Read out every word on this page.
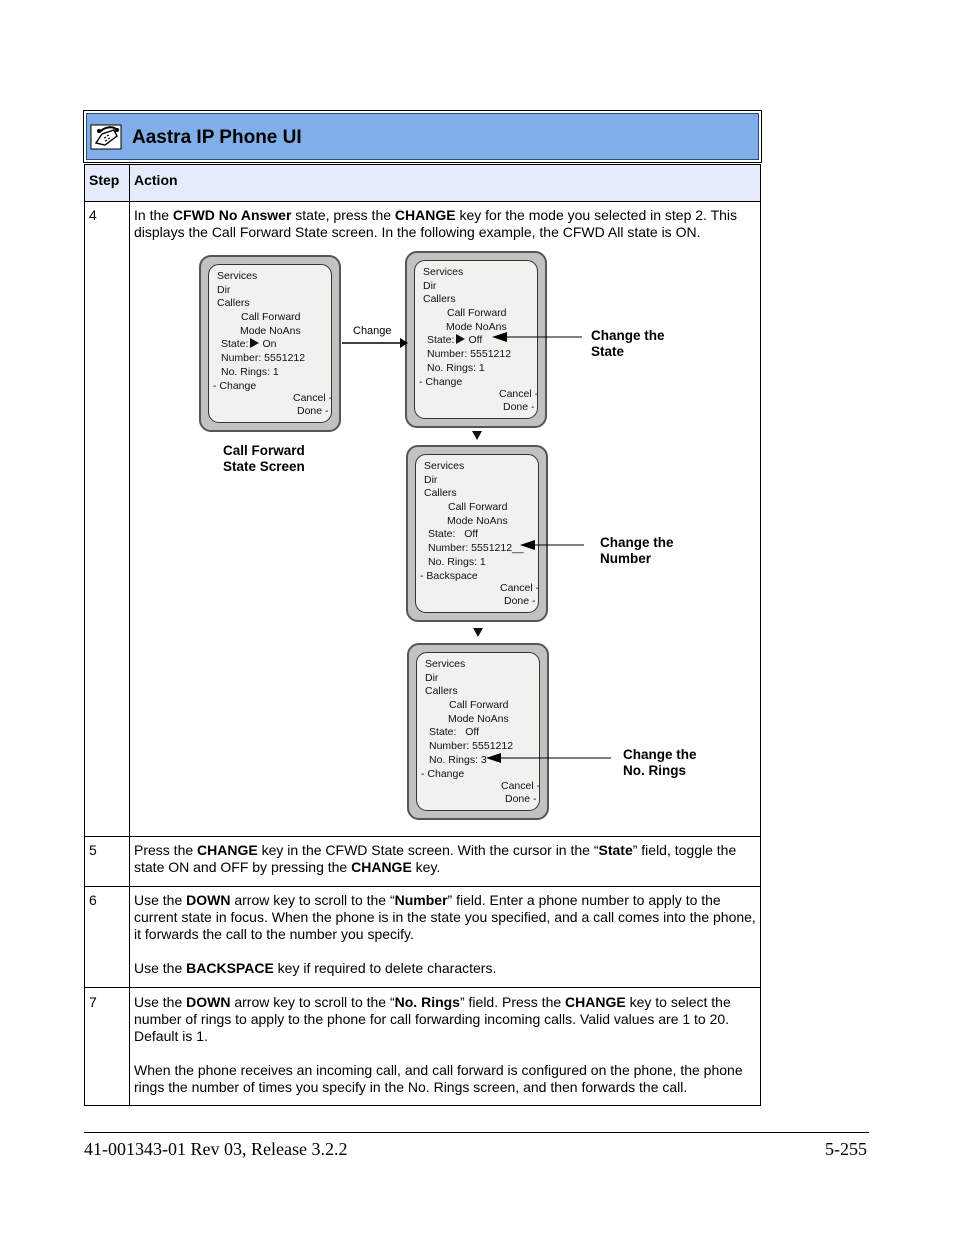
Aastra IP Phone UI
Step Action
4
5
6
7
In the CFWD No Answer state, press the CHANGE key for the mode you selected in step 2. This
displays the Call Forward State screen. In the following example, the CFWD All state is ON.
Press the CHANGE key in the CFWD State screen. With the cursor in the “State” field, toggle the
state ON and OFF by pressing the CHANGE key.
Use the DOWN arrow key to scroll to the “Number” field. Enter a phone number to apply to the
current state in focus. When the phone is in the state you specified, and a call comes into the phone,
it forwards the call to the number you specify.

Use the BACKSPACE key if required to delete characters.
Use the DOWN arrow key to scroll to the “No. Rings” field. Press the CHANGE key to select the
number of rings to apply to the phone for call forwarding incoming calls. Valid values are 1 to 20.
Default is 1.

When the phone receives an incoming call, and call forward is configured on the phone, the phone
rings the number of times you specify in the No. Rings screen, and then forwards the call.
Services
Dir
Callers
Call Forward
Mode NoAns
State: On
Number: 5551212
No. Rings: 1
- Change
Cancel -
Done -
Services
Dir
Callers
Call Forward
Mode NoAns
State: Off
Number: 5551212
No. Rings: 1
- Change
Cancel -
Done -
Services
Dir
Callers
Call Forward
Mode NoAns
State: Off
Number: 5551212__
No. Rings: 1
- Backspace
Cancel -
Done -
Services
Dir
Callers
Call Forward
Mode NoAns
State: Off
Number: 5551212
No. Rings: 3
- Change
Cancel -
Done -
Change
Call Forward
State Screen
Change the
State
Change the
Number
Change the
No. Rings
41-001343-01 Rev 03, Release 3.2.2	5-255
